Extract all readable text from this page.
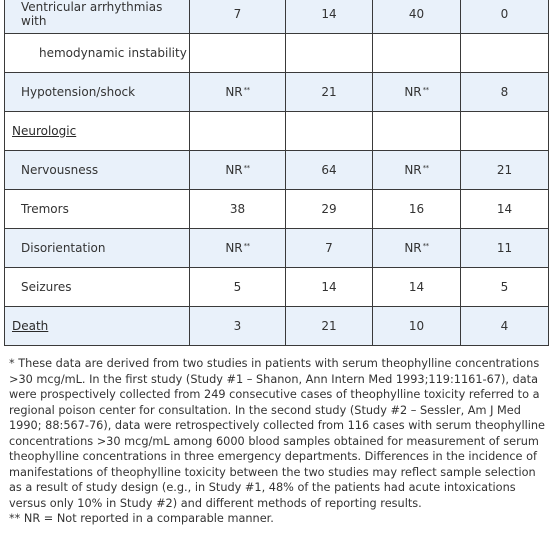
Ventricular arrhythmias with	7	14	40	0
hemodynamic instability				
Hypotension/shock	NR**	21	NR**	8
Neurologic				
Nervousness	NR**	64	NR**	21
Tremors	38	29	16	14
Disorientation	NR**	7	NR**	11
Seizures	5	14	14	5
Death	3	21	10	4

* These data are derived from two studies in patients with serum theophylline concentrations >30 mcg/mL. In the first study (Study #1 – Shanon, Ann Intern Med 1993;119:1161-67), data were prospectively collected from 249 consecutive cases of theophylline toxicity referred to a regional poison center for consultation. In the second study (Study #2 – Sessler, Am J Med 1990; 88:567-76), data were retrospectively collected from 116 cases with serum theophylline concentrations >30 mcg/mL among 6000 blood samples obtained for measurement of serum theophylline concentrations in three emergency departments. Differences in the incidence of manifestations of theophylline toxicity between the two studies may reflect sample selection as a result of study design (e.g., in Study #1, 48% of the patients had acute intoxications versus only 10% in Study #2) and different methods of reporting results.

** NR = Not reported in a comparable manner.
